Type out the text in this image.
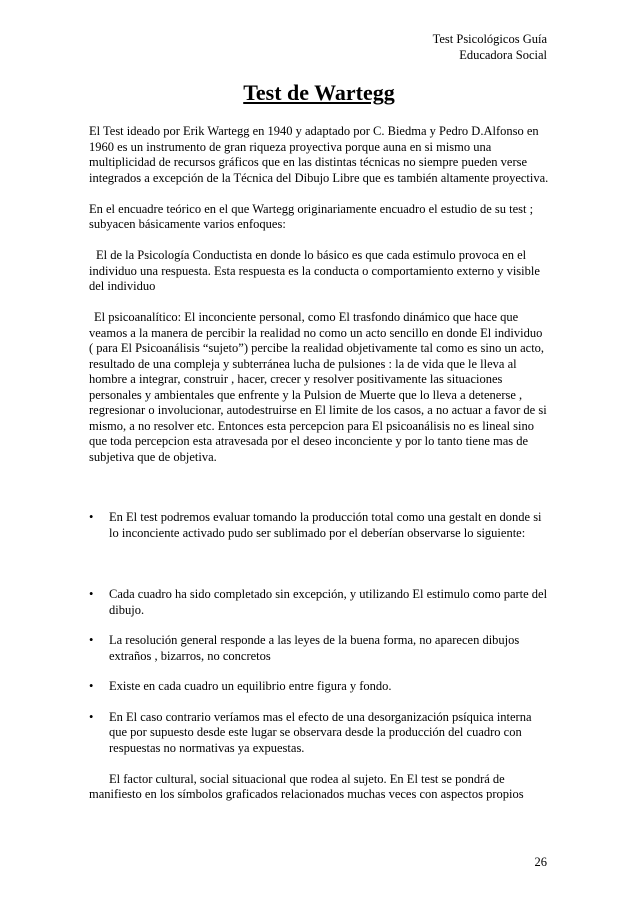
Test Psicológicos Guía
Educadora Social
Test de Wartegg

El Test ideado por Erik Wartegg en 1940 y adaptado por C. Biedma y Pedro D.Alfonso en 1960 es un instrumento de gran riqueza proyectiva porque auna en si mismo una multiplicidad de recursos gráficos que en las distintas técnicas no siempre pueden verse integrados a excepción de la Técnica del Dibujo Libre que es también altamente proyectiva.

En el encuadre teórico en el que Wartegg originariamente encuadro el estudio de su test ; subyacen básicamente varios enfoques:

El de la Psicología Conductista en donde lo básico es que cada estimulo provoca en el individuo una respuesta. Esta respuesta es la conducta o comportamiento externo y visible del individuo

El psicoanalítico: El inconciente personal, como El trasfondo dinámico que hace que veamos a la manera de percibir la realidad no como un acto sencillo en donde El individuo ( para El Psicoanálisis “sujeto”) percibe la realidad objetivamente tal como es sino un acto, resultado de una compleja y subterránea lucha de pulsiones : la de vida que le lleva al hombre a integrar, construir , hacer, crecer y resolver positivamente las situaciones personales y ambientales que enfrente y la Pulsion de Muerte que lo lleva a detenerse , regresionar o involucionar, autodestruirse en El limite de los casos, a no actuar a favor de si mismo, a no resolver etc. Entonces esta percepcion para El psicoanálisis no es lineal sino que toda percepcion esta atravesada por el deseo inconciente y por lo tanto tiene mas de subjetiva que de objetiva.

• En El test podremos evaluar tomando la producción total como una gestalt en donde si lo inconciente activado pudo ser sublimado por el deberían observarse lo siguiente:
• Cada cuadro ha sido completado sin excepción, y utilizando El estimulo como parte del dibujo.
• La resolución general responde a las leyes de la buena forma, no aparecen dibujos extraños , bizarros, no concretos
• Existe en cada cuadro un equilibrio entre figura y fondo.
• En El caso contrario veríamos mas el efecto de una desorganización psíquica interna que por supuesto desde este lugar se observara desde la producción del cuadro con respuestas no normativas ya expuestas.

El factor cultural, social situacional que rodea al sujeto. En El test se pondrá de manifiesto en los símbolos graficados relacionados muchas veces con aspectos propios

26
